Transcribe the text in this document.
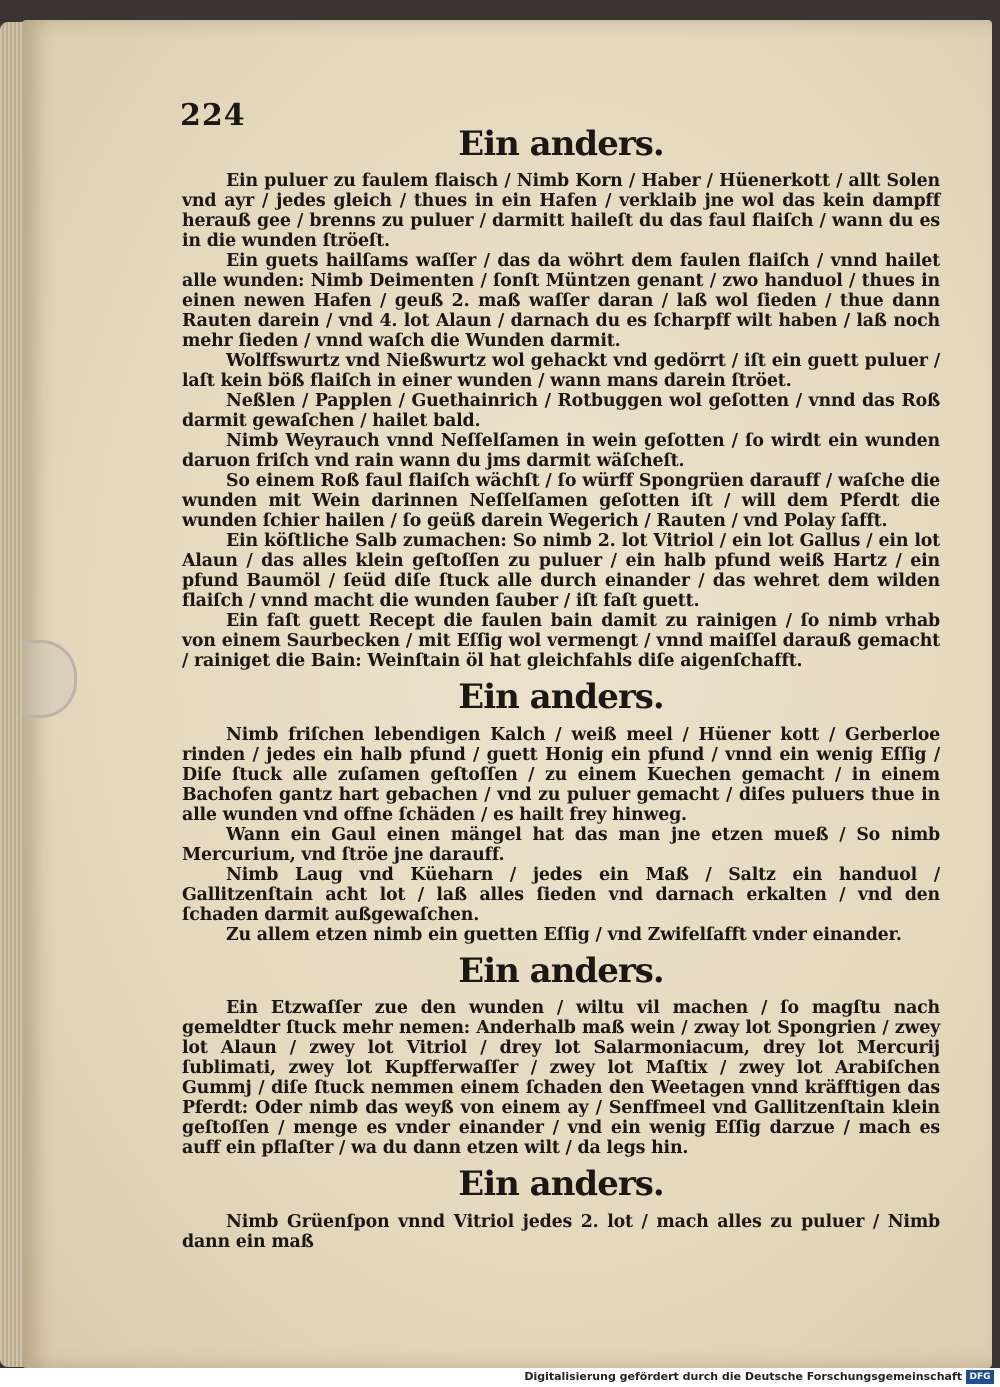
224
Ein anders.

Ein puluer zu faulem flaisch / Nimb Korn / Haber / Hüenerkott / allt Solen vnd ayr / jedes gleich / thues in ein Hafen / verklaib jne wol das kein dampff herauß gee / brenns zu puluer / darmitt haileſt du das faul flaiſch / wann du es in die wunden ſtröeſt.

Ein guets hailſams waſſer / das da wöhrt dem faulen flaiſch / vnnd hailet alle wunden: Nimb Deimenten / ſonſt Müntzen genant / zwo handuol / thues in einen newen Hafen / geuß 2. maß waſſer daran / laß wol ſieden / thue dann Rauten darein / vnd 4. lot Alaun / darnach du es ſcharpff wilt haben / laß noch mehr ſieden / vnnd waſch die Wunden darmit.

Wolffswurtz vnd Nießwurtz wol gehackt vnd gedörrt / iſt ein guett puluer / laſt kein böß flaiſch in einer wunden / wann mans darein ſtröet.

Neßlen / Papplen / Guethainrich / Rotbuggen wol geſotten / vnnd das Roß darmit gewaſchen / hailet bald.

Nimb Weyrauch vnnd Neſſelſamen in wein geſotten / ſo wirdt ein wunden daruon friſch vnd rain wann du jms darmit wäſcheſt.

So einem Roß faul flaiſch wächſt / ſo würff Spongrüen darauff / waſche die wunden mit Wein darinnen Neſſelſamen geſotten iſt / will dem Pferdt die wunden ſchier hailen / ſo geüß darein Wegerich / Rauten / vnd Polay ſafft.

Ein köſtliche Salb zumachen: So nimb 2. lot Vitriol / ein lot Gallus / ein lot Alaun / das alles klein geſtoſſen zu puluer / ein halb pfund weiß Hartz / ein pfund Baumöl / ſeüd diſe ſtuck alle durch einander / das wehret dem wilden flaiſch / vnnd macht die wunden ſauber / iſt faſt guett.

Ein faſt guett Recept die faulen bain damit zu rainigen / ſo nimb vrhab von einem Saurbecken / mit Eſſig wol vermengt / vnnd maiſſel darauß gemacht / rainiget die Bain: Weinſtain öl hat gleichfahls diſe aigenſchafft.

Ein anders.

Nimb friſchen lebendigen Kalch / weiß meel / Hüener kott / Gerberloe rinden / jedes ein halb pfund / guett Honig ein pfund / vnnd ein wenig Eſſig / Diſe ſtuck alle zuſamen geſtoſſen / zu einem Kuechen gemacht / in einem Bachofen gantz hart gebachen / vnd zu puluer gemacht / diſes puluers thue in alle wunden vnd offne ſchäden / es hailt frey hinweg.

Wann ein Gaul einen mängel hat das man jne etzen mueß / So nimb Mercurium, vnd ſtröe jne darauff.

Nimb Laug vnd Küeharn / jedes ein Maß / Saltz ein handuol / Gallitzenſtain acht lot / laß alles ſieden vnd darnach erkalten / vnd den ſchaden darmit außgewaſchen.

Zu allem etzen nimb ein guetten Eſſig / vnd Zwifelſafft vnder einander.

Ein anders.

Ein Etzwaſſer zue den wunden / wiltu vil machen / ſo magſtu nach gemeldter ſtuck mehr nemen: Anderhalb maß wein / zway lot Spongrien / zwey lot Alaun / zwey lot Vitriol / drey lot Salarmoniacum, drey lot Mercurij ſublimati, zwey lot Kupfferwaſſer / zwey lot Maſtix / zwey lot Arabiſchen Gummj / diſe ſtuck nemmen einem ſchaden den Weetagen vnnd kräfftigen das Pferdt: Oder nimb das weyß von einem ay / Senffmeel vnd Gallitzenſtain klein geſtoſſen / menge es vnder einander / vnd ein wenig Eſſig darzue / mach es auff ein pflaſter / wa du dann etzen wilt / da legs hin.

Ein anders.

Nimb Grüenſpon vnnd Vitriol jedes 2. lot / mach alles zu puluer / Nimb dann ein maß

Digitalisierung gefördert durch die Deutsche Forschungsgemeinschaft DFG
